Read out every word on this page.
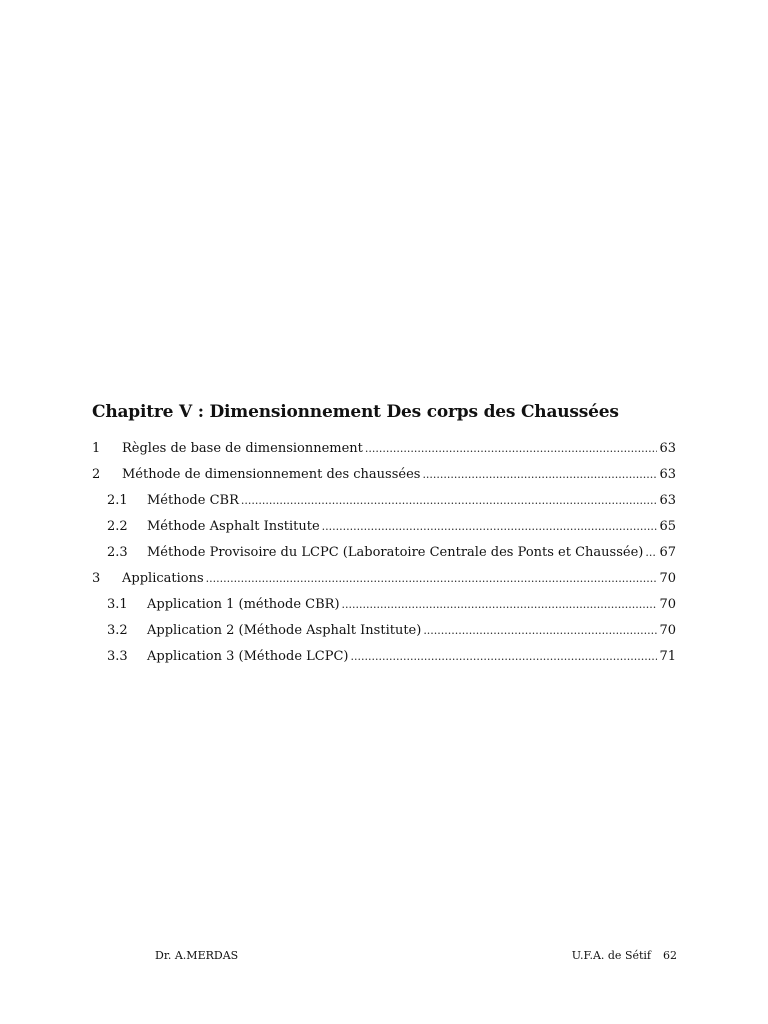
Chapitre V : Dimensionnement Des corps des Chaussées
1	Règles de base de dimensionnement .....	63
2	Méthode de dimensionnement des chaussées .....	63
2.1	Méthode CBR .....	63
2.2	Méthode Asphalt Institute .....	65
2.3	Méthode Provisoire du LCPC (Laboratoire Centrale des Ponts et Chaussée) ..... 67
3	Applications .....	70
3.1	Application 1 (méthode CBR) .....	70
3.2	Application 2 (Méthode Asphalt Institute) .....	70
3.3	Application 3 (Méthode LCPC) .....	71
Dr. A.MERDAS	U.F.A. de Sétif 62
